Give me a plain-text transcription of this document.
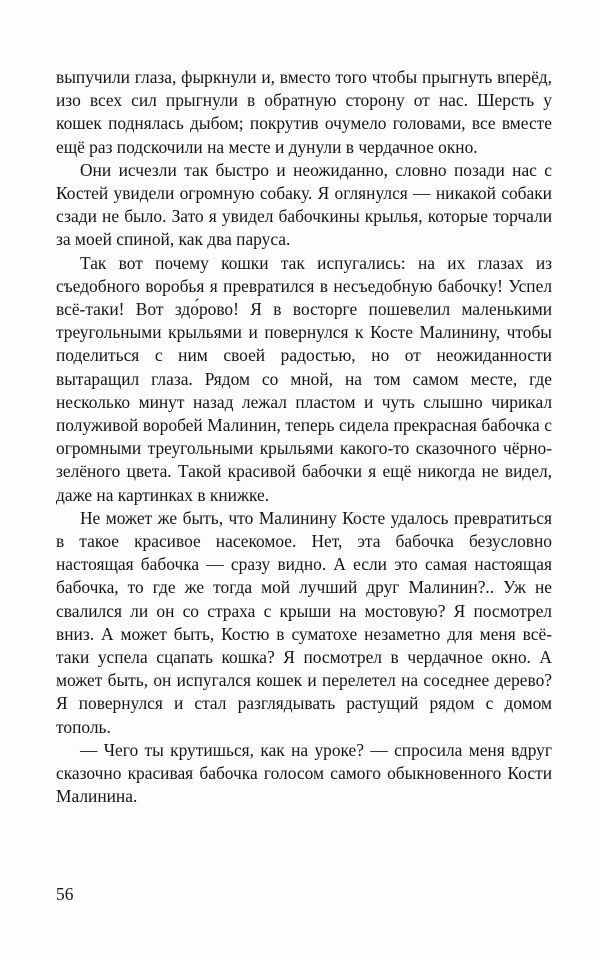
выпучили глаза, фыркнули и, вместо того чтобы прыгнуть вперёд, изо всех сил прыгнули в обратную сторону от нас. Шерсть у кошек поднялась дыбом; покрутив очумело головами, все вместе ещё раз подскочили на месте и дунули в чердачное окно.

Они исчезли так быстро и неожиданно, словно позади нас с Костей увидели огромную собаку. Я оглянулся — никакой собаки сзади не было. Зато я увидел бабочкины крылья, которые торчали за моей спиной, как два паруса.

Так вот почему кошки так испугались: на их глазах из съедобного воробья я превратился в несъедобную бабочку! Успел всё-таки! Вот здо́рово! Я в восторге пошевелил маленькими треугольными крыльями и повернулся к Косте Малинину, чтобы поделиться с ним своей радостью, но от неожиданности вытаращил глаза. Рядом со мной, на том самом месте, где несколько минут назад лежал пластом и чуть слышно чирикал полуживой воробей Малинин, теперь сидела прекрасная бабочка с огромными треугольными крыльями какого-то сказочного чёрно-зелёного цвета. Такой красивой бабочки я ещё никогда не видел, даже на картинках в книжке.

Не может же быть, что Малинину Косте удалось превратиться в такое красивое насекомое. Нет, эта бабочка безусловно настоящая бабочка — сразу видно. А если это самая настоящая бабочка, то где же тогда мой лучший друг Малинин?.. Уж не свалился ли он со страха с крыши на мостовую? Я посмотрел вниз. А может быть, Костю в суматохе незаметно для меня всё-таки успела сцапать кошка? Я посмотрел в чердачное окно. А может быть, он испугался кошек и перелетел на соседнее дерево? Я повернулся и стал разглядывать растущий рядом с домом тополь.

— Чего ты крутишься, как на уроке? — спросила меня вдруг сказочно красивая бабочка голосом самого обыкновенного Кости Малинина.

56
